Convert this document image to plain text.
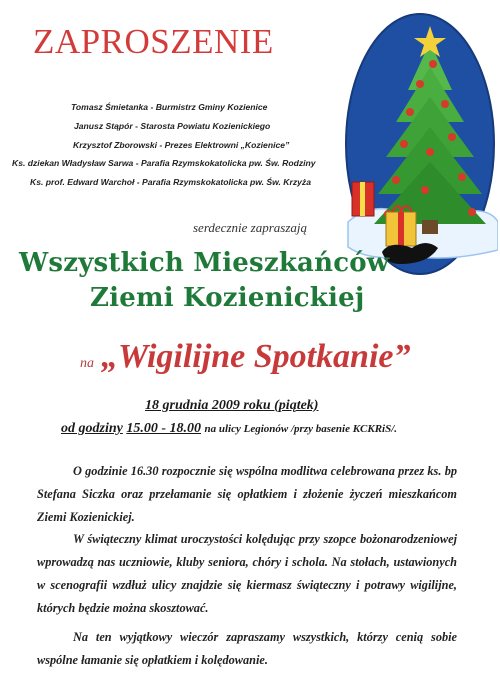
ZAPROSZENIE
Tomasz Śmietanka - Burmistrz Gminy Kozienice
Janusz Stąpór - Starosta Powiatu Kozienickiego
Krzysztof Zborowski - Prezes Elektrowni „Kozienice”
Ks. dziekan Władysław Sarwa - Parafia Rzymskokatolicka pw. Św. Rodziny
Ks. prof. Edward Warchoł - Parafia Rzymskokatolicka pw. Św. Krzyża
serdecznie zapraszają
Wszystkich Mieszkańców
Ziemi Kozienickiej
na „Wigilijne Spotkanie”
18 grudnia 2009 roku (piątek)
od godziny 15.00 - 18.00 na ulicy Legionów /przy basenie KCKRiS/.
O godzinie 16.30 rozpocznie się wspólna modlitwa celebrowana przez ks. bp Stefana Siczka oraz przełamanie się opłatkiem i złożenie życzeń mieszkańcom Ziemi Kozienickiej.
W świąteczny klimat uroczystości kolędując przy szopce bożonarodzeniowej wprowadzą nas uczniowie, kluby seniora, chóry i schola. Na stołach, ustawionych w scenografii wzdłuż ulicy znajdzie się kiermasz świąteczny i potrawy wigilijne, których będzie można skosztować.
Na ten wyjątkowy wieczór zapraszamy wszystkich, którzy cenią sobie wspólne łamanie się opłatkiem i kolędowanie.
